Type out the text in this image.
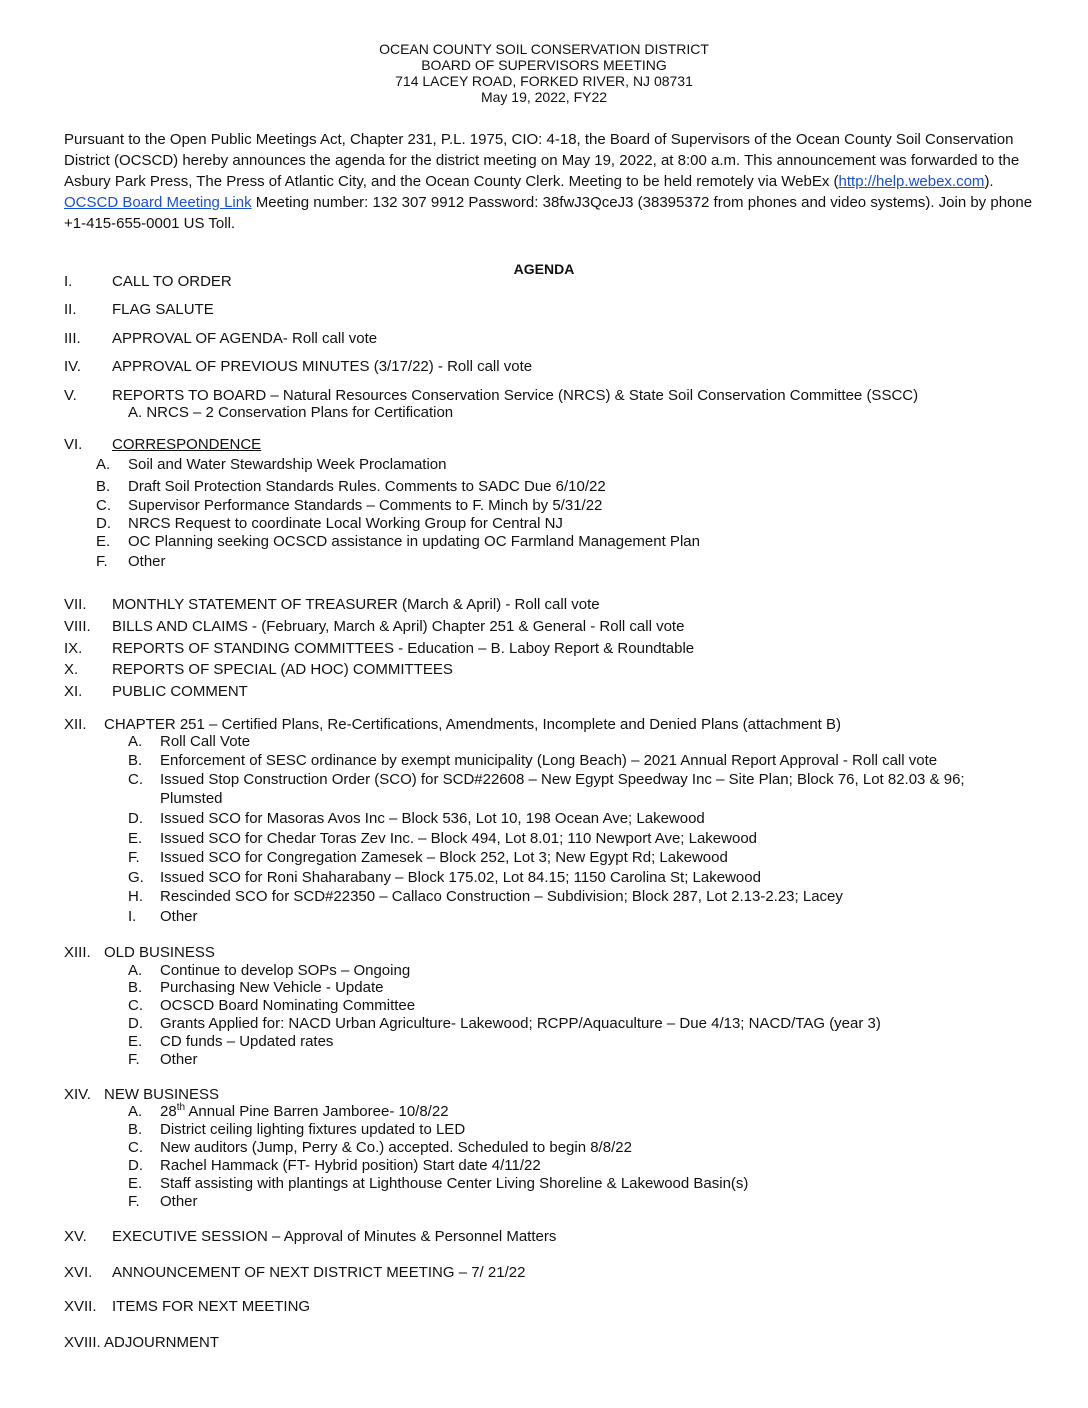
OCEAN COUNTY SOIL CONSERVATION DISTRICT
BOARD OF SUPERVISORS MEETING
714 LACEY ROAD, FORKED RIVER, NJ 08731
May 19, 2022, FY22
Pursuant to the Open Public Meetings Act, Chapter 231, P.L. 1975, CIO: 4-18, the Board of Supervisors of the Ocean County Soil Conservation District (OCSCD) hereby announces the agenda for the district meeting on May 19, 2022, at 8:00 a.m. This announcement was forwarded to the Asbury Park Press, The Press of Atlantic City, and the Ocean County Clerk. Meeting to be held remotely via WebEx (http://help.webex.com). OCSCD Board Meeting Link Meeting number: 132 307 9912 Password: 38fwJ3QceJ3 (38395372 from phones and video systems). Join by phone +1-415-655-0001 US Toll.
AGENDA
I.	CALL TO ORDER
II. FLAG SALUTE
III. APPROVAL OF AGENDA- Roll call vote
IV. APPROVAL OF PREVIOUS MINUTES (3/17/22) - Roll call vote
V. REPORTS TO BOARD – Natural Resources Conservation Service (NRCS) & State Soil Conservation Committee (SSCC)
A. NRCS – 2 Conservation Plans for Certification
VI. CORRESPONDENCE
A. Soil and Water Stewardship Week Proclamation
B. Draft Soil Protection Standards Rules. Comments to SADC Due 6/10/22
C. Supervisor Performance Standards – Comments to F. Minch by 5/31/22
D. NRCS Request to coordinate Local Working Group for Central NJ
E. OC Planning seeking OCSCD assistance in updating OC Farmland Management Plan
F. Other
VII. MONTHLY STATEMENT OF TREASURER (March & April) - Roll call vote
VIII. BILLS AND CLAIMS - (February, March & April) Chapter 251 & General - Roll call vote
IX. REPORTS OF STANDING COMMITTEES - Education – B. Laboy Report & Roundtable
X. REPORTS OF SPECIAL (AD HOC) COMMITTEES
XI. PUBLIC COMMENT
XII. CHAPTER 251 – Certified Plans, Re-Certifications, Amendments, Incomplete and Denied Plans (attachment B)
A. Roll Call Vote
B. Enforcement of SESC ordinance by exempt municipality (Long Beach) – 2021 Annual Report Approval - Roll call vote
C. Issued Stop Construction Order (SCO) for SCD#22608 – New Egypt Speedway Inc – Site Plan; Block 76, Lot 82.03 & 96;
Plumsted
D. Issued SCO for Masoras Avos Inc – Block 536, Lot 10, 198 Ocean Ave; Lakewood
E. Issued SCO for Chedar Toras Zev Inc. – Block 494, Lot 8.01; 110 Newport Ave; Lakewood
F. Issued SCO for Congregation Zamesek – Block 252, Lot 3; New Egypt Rd; Lakewood
G. Issued SCO for Roni Shaharabany – Block 175.02, Lot 84.15; 1150 Carolina St; Lakewood
H. Rescinded SCO for SCD#22350 – Callaco Construction – Subdivision; Block 287, Lot 2.13-2.23; Lacey
I. Other
XIII. OLD BUSINESS
A. Continue to develop SOPs – Ongoing
B. Purchasing New Vehicle - Update
C. OCSCD Board Nominating Committee
D. Grants Applied for: NACD Urban Agriculture- Lakewood; RCPP/Aquaculture – Due 4/13; NACD/TAG (year 3)
E. CD funds – Updated rates
F. Other
XIV. NEW BUSINESS
A. 28th Annual Pine Barren Jamboree- 10/8/22
B. District ceiling lighting fixtures updated to LED
C. New auditors (Jump, Perry & Co.) accepted. Scheduled to begin 8/8/22
D. Rachel Hammack (FT- Hybrid position) Start date 4/11/22
E. Staff assisting with plantings at Lighthouse Center Living Shoreline & Lakewood Basin(s)
F. Other
XV. EXECUTIVE SESSION – Approval of Minutes & Personnel Matters
XVI. ANNOUNCEMENT OF NEXT DISTRICT MEETING – 7/ 21/22
XVII. ITEMS FOR NEXT MEETING
XVIII. ADJOURNMENT
